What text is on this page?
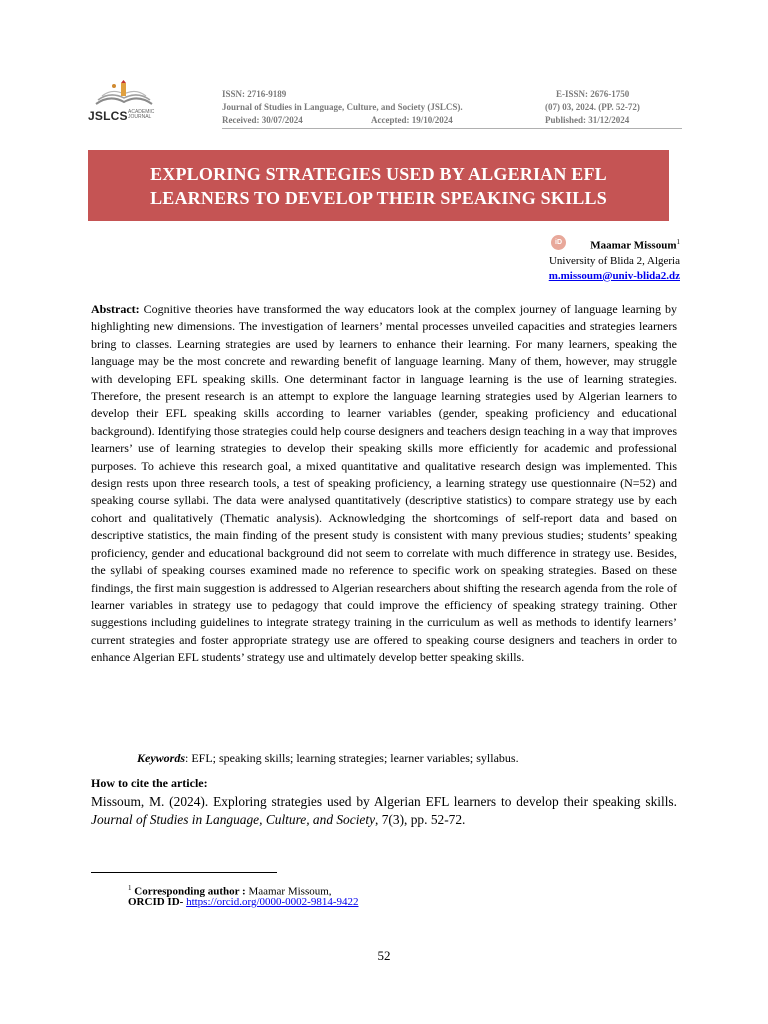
JSLCS ACADEMIC JOURNAL
ISSN: 2716-9189
Journal of Studies in Language, Culture, and Society (JSLCS).
Received: 30/07/2024	Accepted: 19/10/2024
E-ISSN: 2676-1750
(07) 03, 2024. (PP. 52-72)
Published: 31/12/2024
EXPLORING STRATEGIES USED BY ALGERIAN EFL
LEARNERS TO DEVELOP THEIR SPEAKING SKILLS
iD	Maamar Missoum$^1$
University of Blida 2, Algeria
m.missoum@univ-blida2.dz
Abstract: Cognitive theories have transformed the way educators look at the complex journey of language learning by highlighting new dimensions. The investigation of learners’ mental processes unveiled capacities and strategies learners bring to classes. Learning strategies are used by learners to enhance their learning. For many learners, speaking the language may be the most concrete and rewarding benefit of language learning. Many of them, however, may struggle with developing EFL speaking skills. One determinant factor in language learning is the use of learning strategies. Therefore, the present research is an attempt to explore the language learning strategies used by Algerian learners to develop their EFL speaking skills according to learner variables (gender, speaking proficiency and educational background). Identifying those strategies could help course designers and teachers design teaching in a way that improves learners’ use of learning strategies to develop their speaking skills more efficiently for academic and professional purposes. To achieve this research goal, a mixed quantitative and qualitative research design was implemented. This design rests upon three research tools, a test of speaking proficiency, a learning strategy use questionnaire (N=52) and speaking course syllabi. The data were analysed quantitatively (descriptive statistics) to compare strategy use by each cohort and qualitatively (Thematic analysis). Acknowledging the shortcomings of self-report data and based on descriptive statistics, the main finding of the present study is consistent with many previous studies; students’ speaking proficiency, gender and educational background did not seem to correlate with much difference in strategy use. Besides, the syllabi of speaking courses examined made no reference to specific work on speaking strategies. Based on these findings, the first main suggestion is addressed to Algerian researchers about shifting the research agenda from the role of learner variables in strategy use to pedagogy that could improve the efficiency of speaking strategy training. Other suggestions including guidelines to integrate strategy training in the curriculum as well as methods to identify learners’ current strategies and foster appropriate strategy use are offered to speaking course designers and teachers in order to enhance Algerian EFL students’ strategy use and ultimately develop better speaking skills.
Keywords: EFL; speaking skills; learning strategies; learner variables; syllabus.
How to cite the article:
Missoum, M. (2024). Exploring strategies used by Algerian EFL learners to develop their speaking skills. Journal of Studies in Language, Culture, and Society, 7(3), pp. 52-72.
$^1$ Corresponding author : Maamar Missoum,
ORCID ID- https://orcid.org/0000-0002-9814-9422
52
